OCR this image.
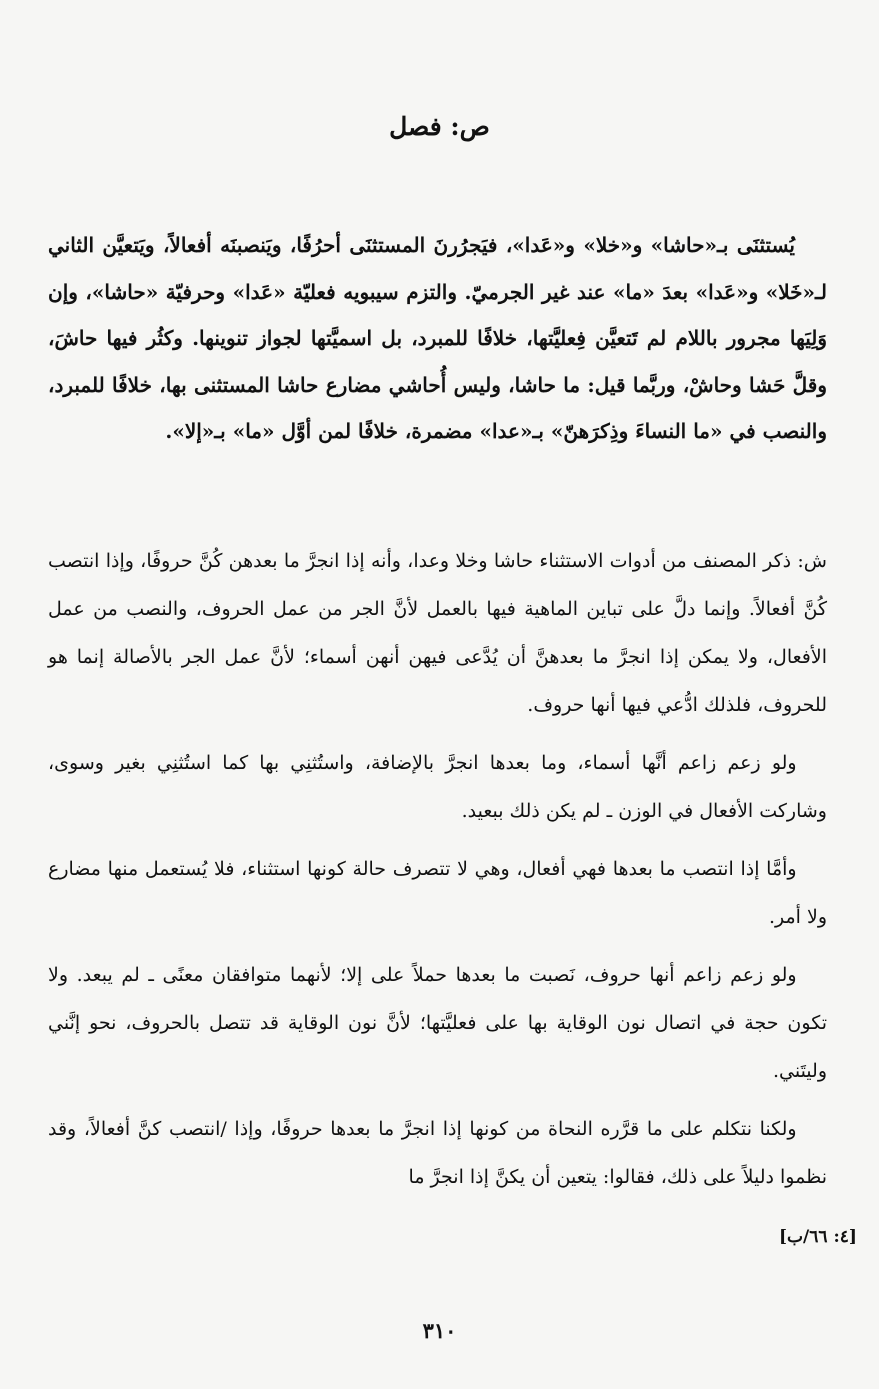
ص: فصل

يُستثنَى بـ«حاشا» و«خلا» و«عَدا»، فيَجرُرنَ المستثنَى أحرُفًا، ويَنصبنَه أفعالاً، ويَتعيَّن الثاني لـ«خَلا» و«عَدا» بعدَ «ما» عند غير الجرميّ. والتزم سيبويه فعليّة «عَدا» وحرفيّة «حاشا»، وإن وَلِيَها مجرور باللام لم تَتعيَّن فِعليَّتها، خلافًا للمبرد، بل اسميَّتها لجواز تنوينها. وكثُر فيها حاشَ، وقلَّ حَشا وحاشْ، وربَّما قيل: ما حاشا، وليس أُحاشي مضارع حاشا المستثنى بها، خلافًا للمبرد، والنصب في «ما النساءَ وذِكرَهنّ» بـ«عدا» مضمرة، خلافًا لمن أوَّل «ما» بـ«إلا».

ش: ذكر المصنف من أدوات الاستثناء حاشا وخلا وعدا، وأنه إذا انجرَّ ما بعدهن كُنَّ حروفًا، وإذا انتصب كُنَّ أفعالاً. وإنما دلَّ على تباين الماهية فيها بالعمل لأنَّ الجر من عمل الحروف، والنصب من عمل الأفعال، ولا يمكن إذا انجرَّ ما بعدهنَّ أن يُدَّعى فيهن أنهن أسماء؛ لأنَّ عمل الجر بالأصالة إنما هو للحروف، فلذلك ادُّعي فيها أنها حروف.

ولو زعم زاعم أنَّها أسماء، وما بعدها انجرَّ بالإضافة، واستُثنِي بها كما استُثنِي بغير وسوى، وشاركت الأفعال في الوزن ـ لم يكن ذلك ببعيد.

وأمَّا إذا انتصب ما بعدها فهي أفعال، وهي لا تتصرف حالة كونها استثناء، فلا يُستعمل منها مضارع ولا أمر.

ولو زعم زاعم أنها حروف، نَصبت ما بعدها حملاً على إلا؛ لأنهما متوافقان معنًى ـ لم يبعد. ولا تكون حجة في اتصال نون الوقاية بها على فعليَّتها؛ لأنَّ نون الوقاية قد تتصل بالحروف، نحو إنَّني وليتَني.

ولكنا نتكلم على ما قرَّره النحاة من كونها إذا انجرَّ ما بعدها حروفًا، وإذا /انتصب كنَّ أفعالاً، وقد نظموا دليلاً على ذلك، فقالوا: يتعين أن يكنَّ إذا انجرَّ ما

[٤: ٦٦/ب]
٣١٠
